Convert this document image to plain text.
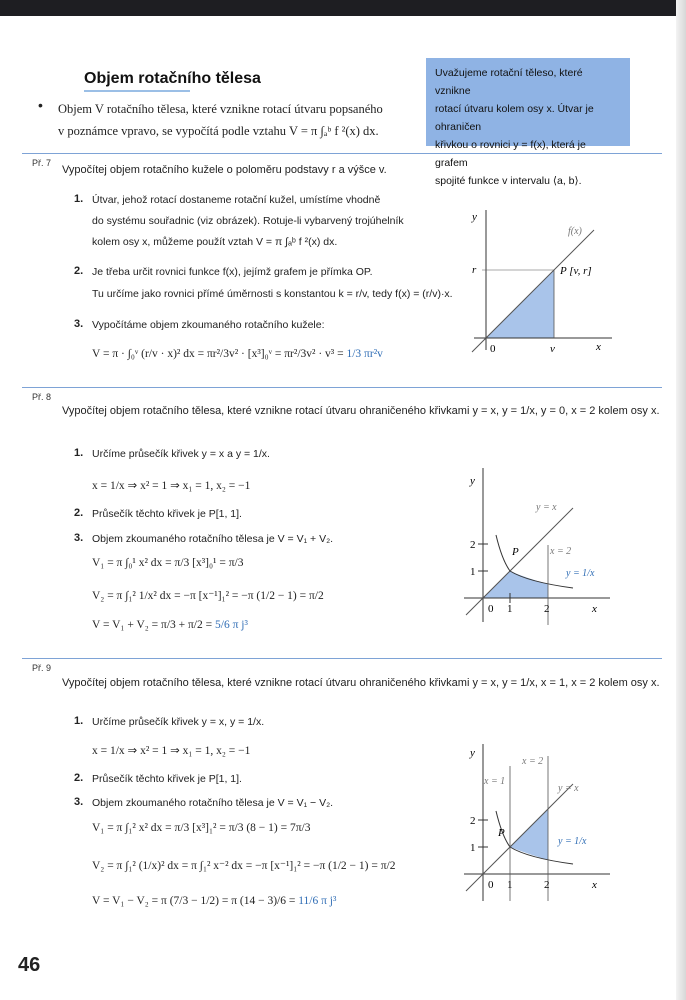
Objem rotačního tělesa
• Objem V rotačního tělesa, které vznikne rotací útvaru popsaného
v poznámce vpravo, se vypočítá podle vztahu V = π ∫ₐᵇ f ²(x) dx.
Uvažujeme rotační těleso, které vznikne
rotací útvaru kolem osy x. Útvar je ohraničen
křivkou o rovnici y = f(x), která je grafem
spojité funkce v intervalu ⟨a, b⟩.
Př. 7
Vypočítej objem rotačního kužele o poloměru podstavy r a výšce v.
1. Útvar, jehož rotací dostaneme rotační kužel, umístíme vhodně
do systému souřadnic (viz obrázek). Rotuje-li vybarvený trojúhelník
kolem osy x, můžeme použít vztah V = π ∫ₐᵇ f ²(x) dx.
2. Je třeba určit rovnici funkce f(x), jejímž grafem je přímka OP.
Tu určíme jako rovnici přímé úměrnosti s konstantou k = r/v, tedy f(x) = (r/v)·x.
3. Vypočítáme objem zkoumaného rotačního kužele:
V = π · ∫₀ᵛ (r/v · x)² dx = πr²/3v² · [x³]₀ᵛ = πr²/3v² · v³ = 1/3 πr²v
y
x
f(x)
r	P [v, r]
0	v
Př. 8
Vypočítej objem rotačního tělesa, které vznikne rotací útvaru ohraničeného křivkami y = x, y = 1/x, y = 0, x = 2 kolem osy x.
1. Určíme průsečík křivek y = x a y = 1/x.
x = 1/x ⇒ x² = 1 ⇒ x₁ = 1, x₂ = −1
2. Průsečík těchto křivek je P[1, 1].
3. Objem zkoumaného rotačního tělesa je V = V₁ + V₂.
V₁ = π ∫₀¹ x² dx = π/3 [x³]₀¹ = π/3
V₂ = π ∫₁² 1/x² dx = −π [x⁻¹]₁² = −π (1/2 − 1) = π/2
V = V₁ + V₂ = π/3 + π/2 = 5/6 π j³
y
x
y = x
x = 2
y = 1/x
P
0 1	2
2
1
Př. 9
Vypočítej objem rotačního tělesa, které vznikne rotací útvaru ohraničeného křivkami y = x, y = 1/x, x = 1, x = 2 kolem osy x.
1. Určíme průsečík křivek y = x, y = 1/x.
x = 1/x ⇒ x² = 1 ⇒ x₁ = 1, x₂ = −1
2. Průsečík těchto křivek je P[1, 1].
3. Objem zkoumaného rotačního tělesa je V = V₁ − V₂.
V₁ = π ∫₁² x² dx = π/3 [x³]₁² = π/3 (8 − 1) = 7π/3
V₂ = π ∫₁² (1/x)² dx = π ∫₁² x⁻² dx = −π [x⁻¹]₁² = −π (1/2 − 1) = π/2
V = V₁ − V₂ = π (7/3 − 1/2) = π (14 − 3)/6 = 11/6 π j³
y
x
y = x
x = 1
x = 2
y = 1/x
P
0 1	2
2
1
46
